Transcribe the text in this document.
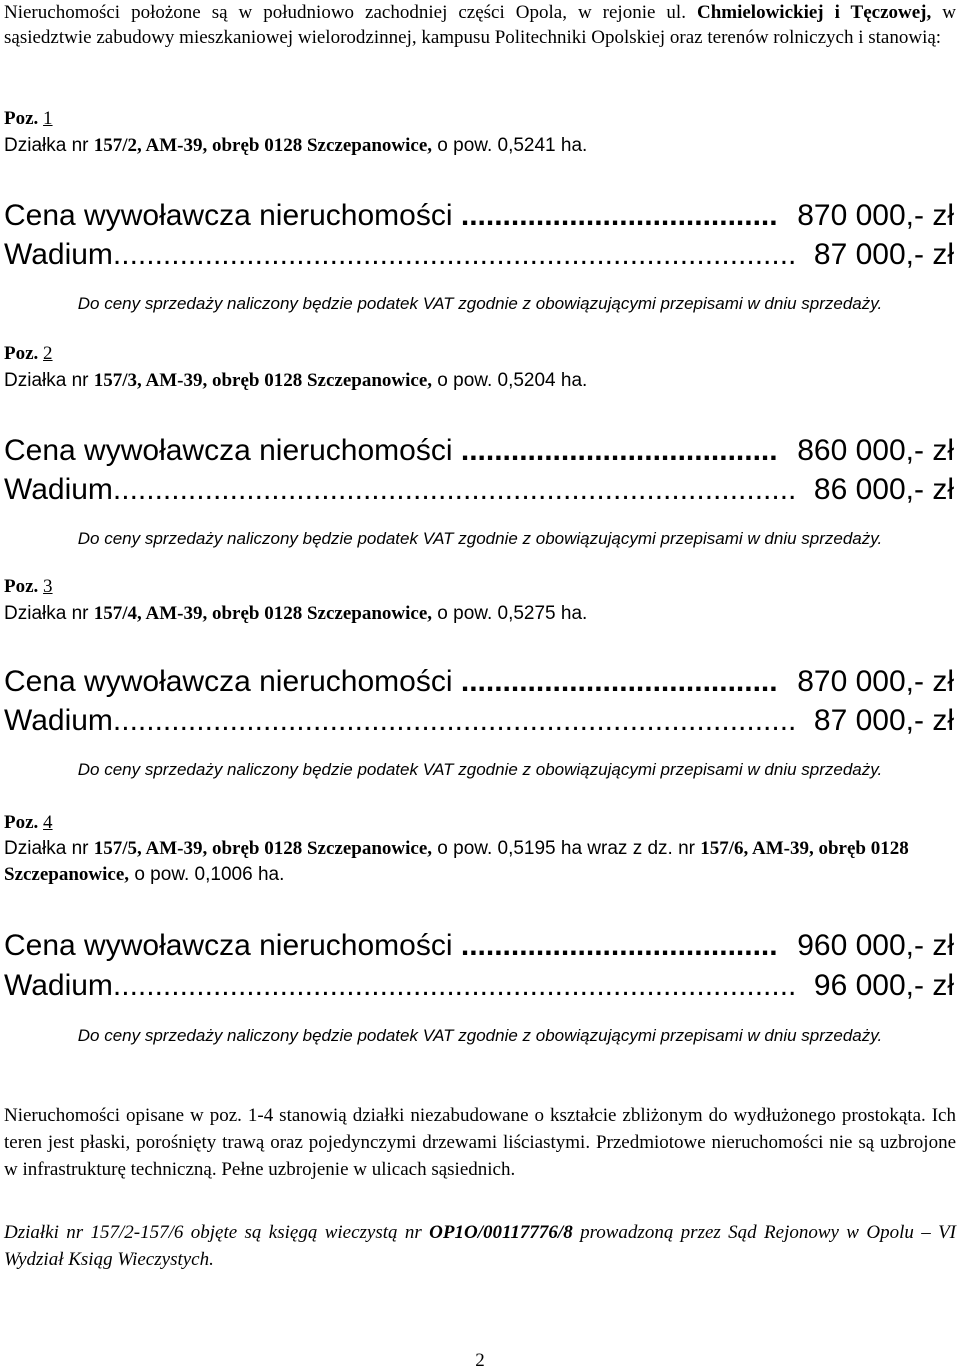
Nieruchomości położone są w południowo zachodniej części Opola, w rejonie ul. Chmielowickiej i Tęczowej, w sąsiedztwie zabudowy mieszkaniowej wielorodzinnej, kampusu Politechniki Opolskiej oraz terenów rolniczych i stanowią:
Poz. 1
Działka nr 157/2, AM-39, obręb 0128 Szczepanowice, o pow. 0,5241 ha.
Cena wywoławcza nieruchomości ...................................... 870 000,- zł
Wadium.................................................................................. 87 000,- zł
Do ceny sprzedaży naliczony będzie podatek VAT zgodnie z obowiązującymi przepisami w dniu sprzedaży.
Poz. 2
Działka nr 157/3, AM-39, obręb 0128 Szczepanowice, o pow. 0,5204 ha.
Cena wywoławcza nieruchomości ...................................... 860 000,- zł
Wadium.................................................................................. 86 000,- zł
Do ceny sprzedaży naliczony będzie podatek VAT zgodnie z obowiązującymi przepisami w dniu sprzedaży.
Poz. 3
Działka nr 157/4, AM-39, obręb 0128 Szczepanowice, o pow. 0,5275 ha.
Cena wywoławcza nieruchomości ...................................... 870 000,- zł
Wadium.................................................................................. 87 000,- zł
Do ceny sprzedaży naliczony będzie podatek VAT zgodnie z obowiązującymi przepisami w dniu sprzedaży.
Poz. 4
Działka nr 157/5, AM-39, obręb 0128 Szczepanowice, o pow. 0,5195 ha wraz z dz. nr 157/6, AM-39, obręb 0128 Szczepanowice, o pow. 0,1006 ha.
Cena wywoławcza nieruchomości ...................................... 960 000,- zł
Wadium.................................................................................. 96 000,- zł
Do ceny sprzedaży naliczony będzie podatek VAT zgodnie z obowiązującymi przepisami w dniu sprzedaży.
Nieruchomości opisane w poz. 1-4 stanowią działki niezabudowane o kształcie zbliżonym do wydłużonego prostokąta. Ich teren jest płaski, porośnięty trawą oraz pojedynczymi drzewami liściastymi. Przedmiotowe nieruchomości nie są uzbrojone w infrastrukturę techniczną. Pełne uzbrojenie w ulicach sąsiednich.
Działki nr 157/2-157/6 objęte są księgą wieczystą nr OP1O/00117776/8 prowadzoną przez Sąd Rejonowy w Opolu – VI Wydział Ksiąg Wieczystych.
2
